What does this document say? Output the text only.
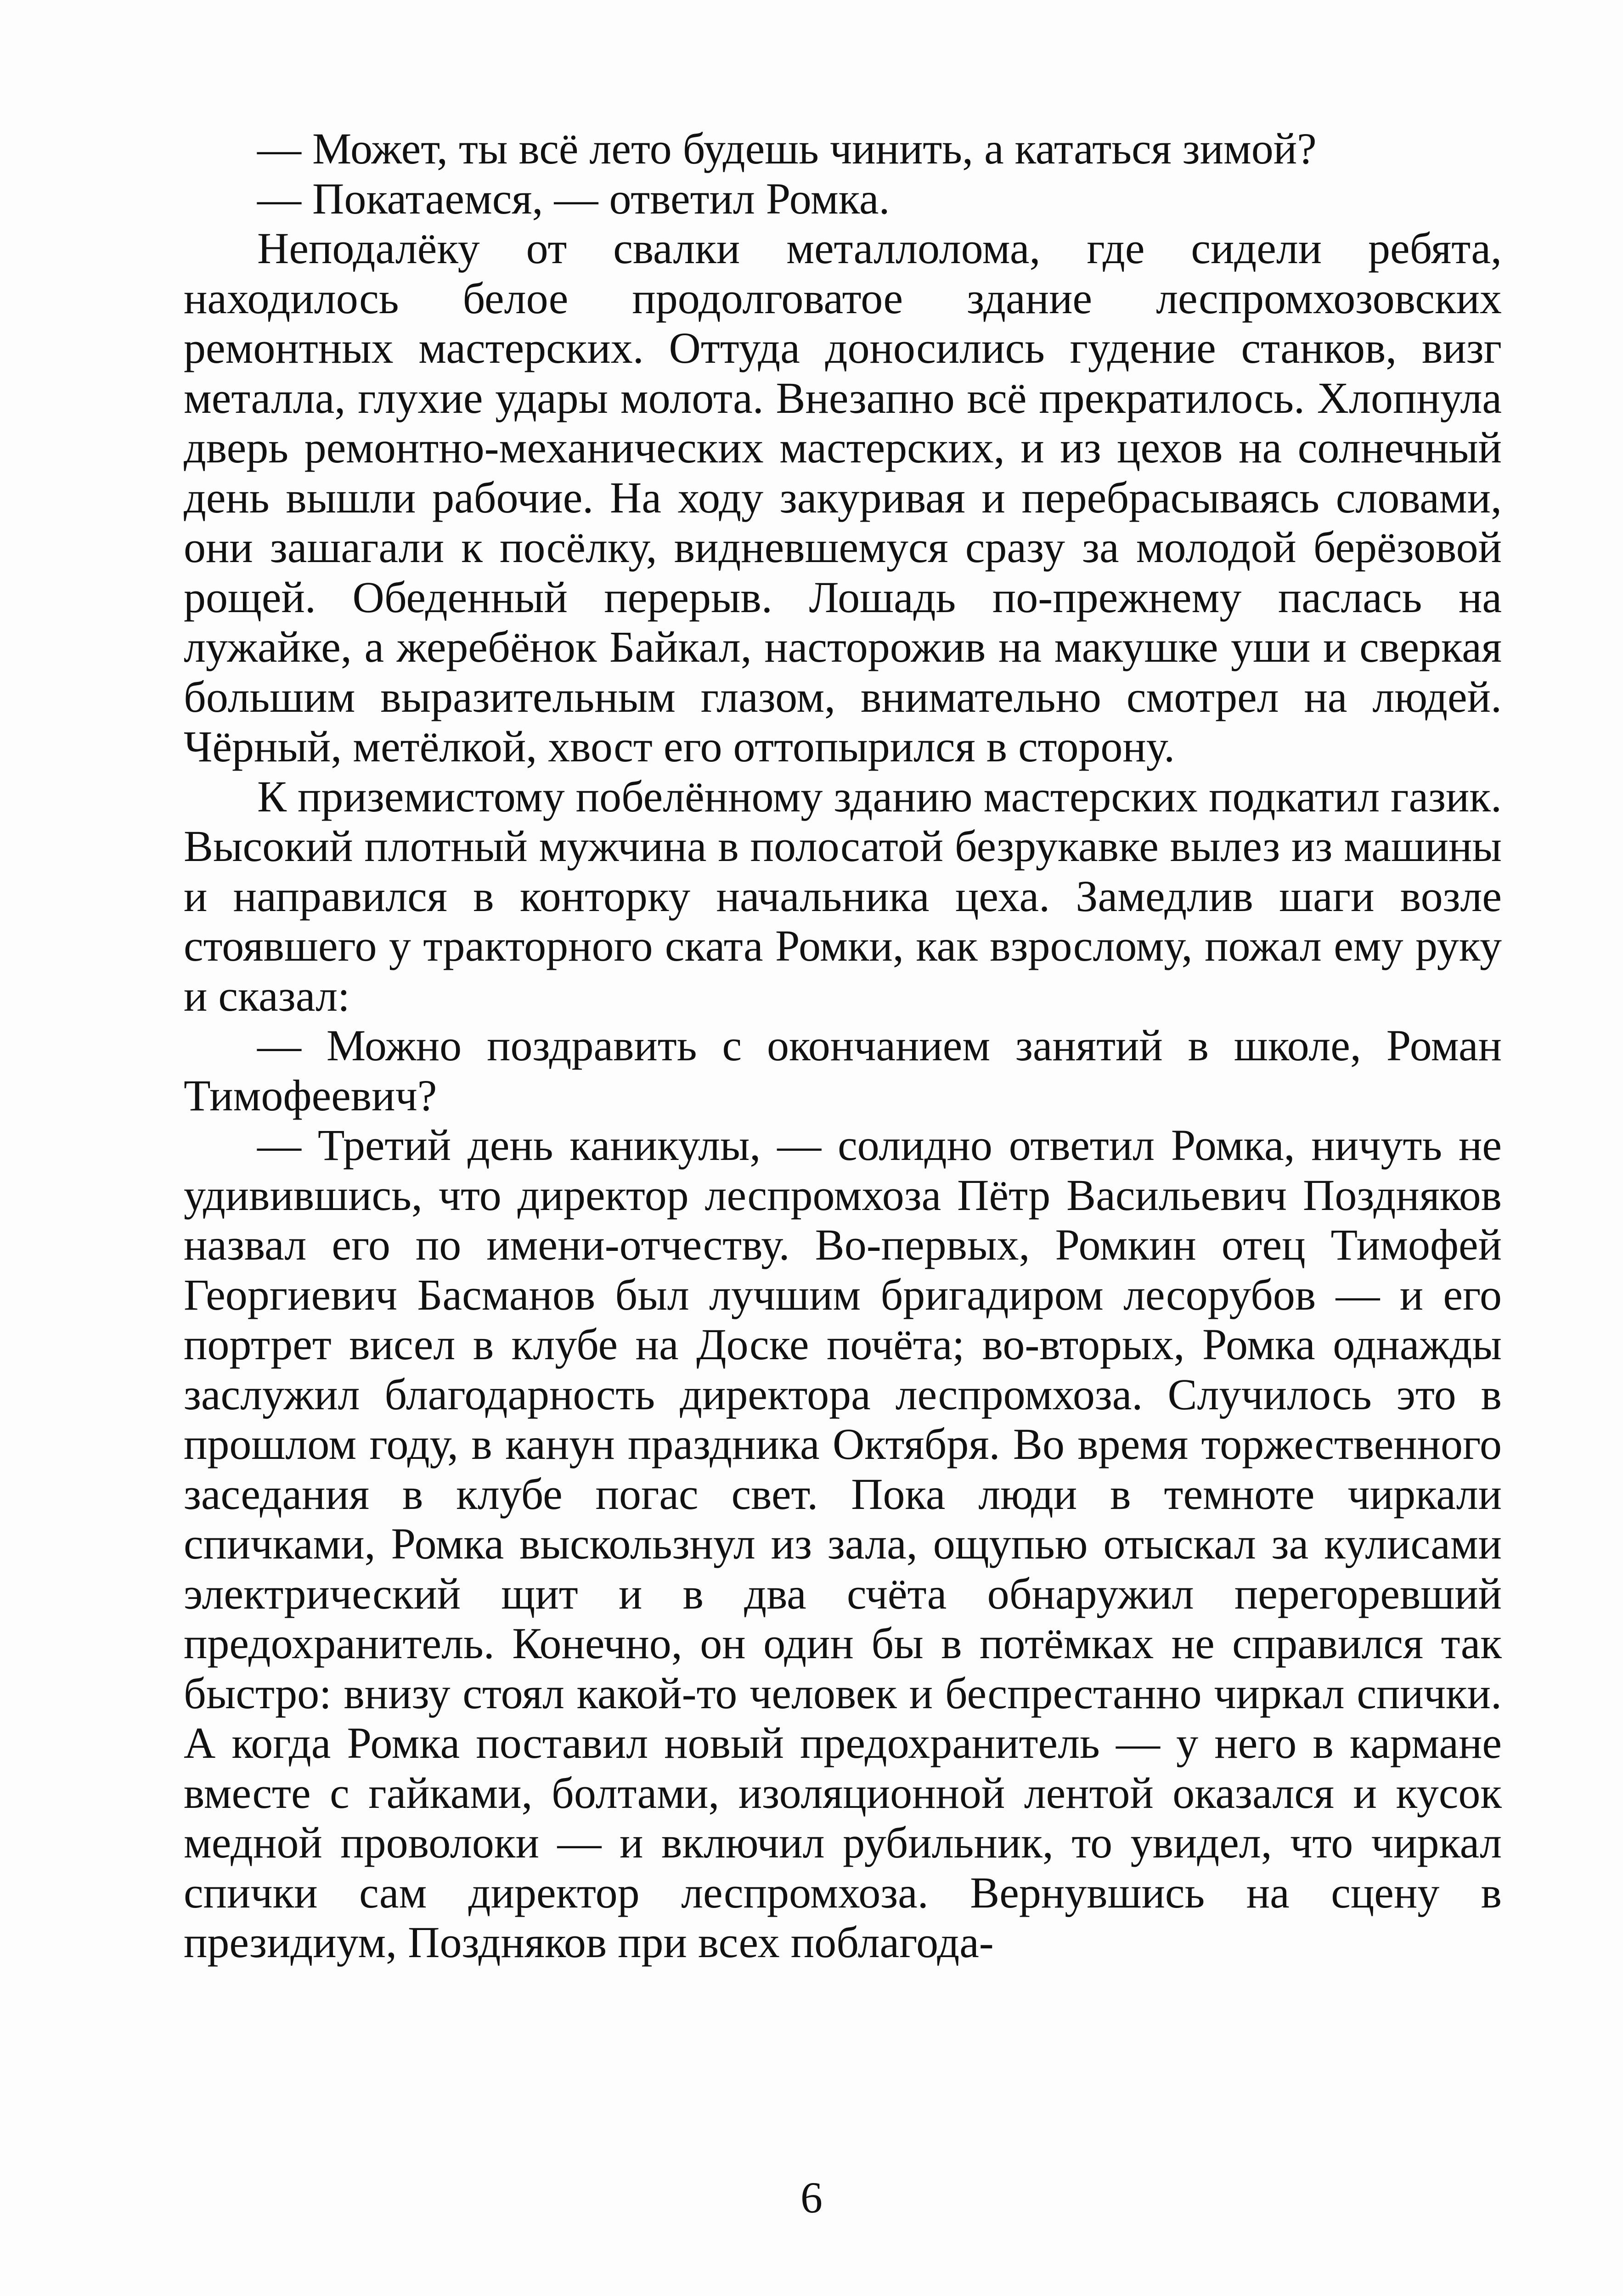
— Может, ты всё лето будешь чинить, а кататься зимой?

— Покатаемся, — ответил Ромка.

Неподалёку от свалки металлолома, где сидели ребята, находилось белое продолговатое здание леспромхозовских ремонтных мастерских. Оттуда доносились гудение станков, визг металла, глухие удары молота. Внезапно всё прекратилось. Хлопнула дверь ремонтно-механических мастерских, и из цехов на солнечный день вышли рабочие. На ходу закуривая и перебрасываясь словами, они зашагали к посёлку, видневшемуся сразу за молодой берёзовой рощей. Обеденный перерыв. Лошадь по-прежнему паслась на лужайке, а жеребёнок Байкал, насторожив на макушке уши и сверкая большим выразительным глазом, внимательно смотрел на людей. Чёрный, метёлкой, хвост его оттопырился в сторону.

К приземистому побелённому зданию мастерских подкатил газик. Высокий плотный мужчина в полосатой безрукавке вылез из машины и направился в конторку начальника цеха. Замедлив шаги возле стоявшего у тракторного ската Ромки, как взрослому, пожал ему руку и сказал:

— Можно поздравить с окончанием занятий в школе, Роман Тимофеевич?

— Третий день каникулы, — солидно ответил Ромка, ничуть не удивившись, что директор леспромхоза Пётр Васильевич Поздняков назвал его по имени-отчеству. Во-первых, Ромкин отец Тимофей Георгиевич Басманов был лучшим бригадиром лесорубов — и его портрет висел в клубе на Доске почёта; во-вторых, Ромка однажды заслужил благодарность директора леспромхоза. Случилось это в прошлом году, в канун праздника Октября. Во время торжественного заседания в клубе погас свет. Пока люди в темноте чиркали спичками, Ромка выскользнул из зала, ощупью отыскал за кулисами электрический щит и в два счёта обнаружил перегоревший предохранитель. Конечно, он один бы в потёмках не справился так быстро: внизу стоял какой-то человек и беспрестанно чиркал спички. А когда Ромка поставил новый предохранитель — у него в кармане вместе с гайками, болтами, изоляционной лентой оказался и кусок медной проволоки — и включил рубильник, то увидел, что чиркал спички сам директор леспромхоза. Вернувшись на сцену в президиум, Поздняков при всех поблагода-

6
